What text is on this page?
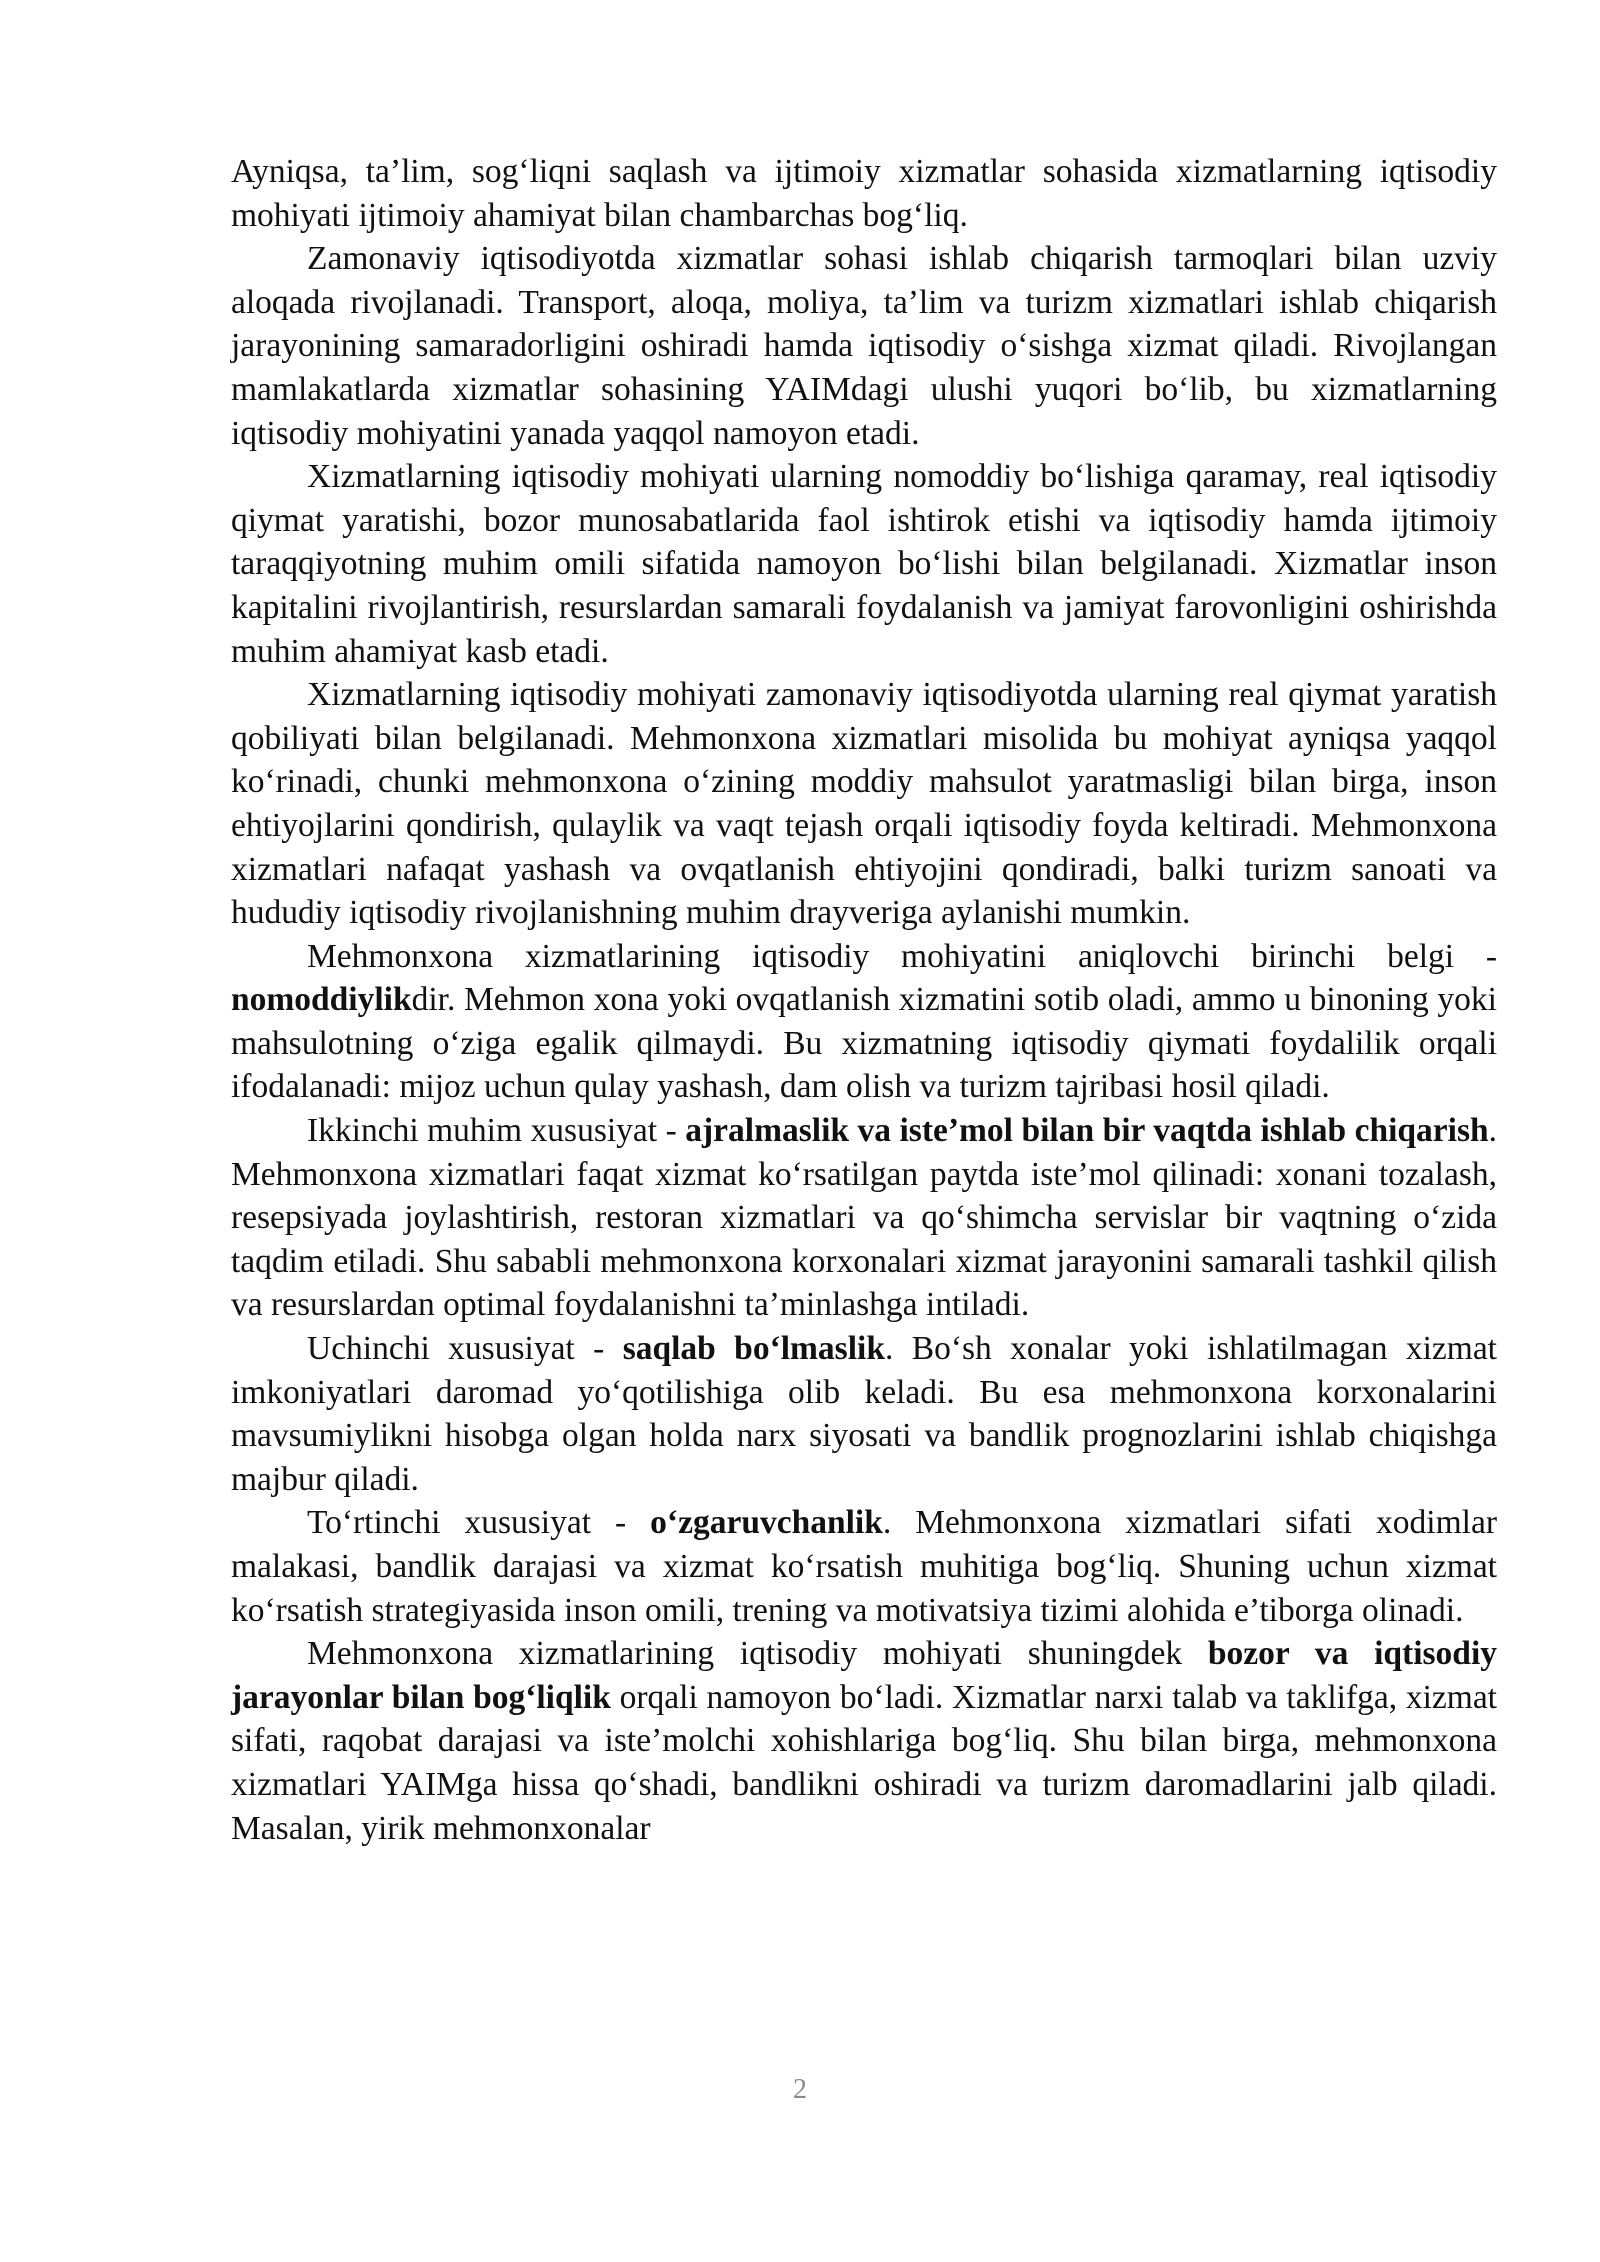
Ayniqsa, ta’lim, sog‘liqni saqlash va ijtimoiy xizmatlar sohasida xizmatlarning iqtisodiy mohiyati ijtimoiy ahamiyat bilan chambarchas bog‘liq.

Zamonaviy iqtisodiyotda xizmatlar sohasi ishlab chiqarish tarmoqlari bilan uzviy aloqada rivojlanadi. Transport, aloqa, moliya, ta’lim va turizm xizmatlari ishlab chiqarish jarayonining samaradorligini oshiradi hamda iqtisodiy o‘sishga xizmat qiladi. Rivojlangan mamlakatlarda xizmatlar sohasining YAIMdagi ulushi yuqori bo‘lib, bu xizmatlarning iqtisodiy mohiyatini yanada yaqqol namoyon etadi.

Xizmatlarning iqtisodiy mohiyati ularning nomoddiy bo‘lishiga qaramay, real iqtisodiy qiymat yaratishi, bozor munosabatlarida faol ishtirok etishi va iqtisodiy hamda ijtimoiy taraqqiyotning muhim omili sifatida namoyon bo‘lishi bilan belgilanadi. Xizmatlar inson kapitalini rivojlantirish, resurslardan samarali foydalanish va jamiyat farovonligini oshirishda muhim ahamiyat kasb etadi.

Xizmatlarning iqtisodiy mohiyati zamonaviy iqtisodiyotda ularning real qiymat yaratish qobiliyati bilan belgilanadi. Mehmonxona xizmatlari misolida bu mohiyat ayniqsa yaqqol ko‘rinadi, chunki mehmonxona o‘zining moddiy mahsulot yaratmasligi bilan birga, inson ehtiyojlarini qondirish, qulaylik va vaqt tejash orqali iqtisodiy foyda keltiradi. Mehmonxona xizmatlari nafaqat yashash va ovqatlanish ehtiyojini qondiradi, balki turizm sanoati va hududiy iqtisodiy rivojlanishning muhim drayveriga aylanishi mumkin.

Mehmonxona xizmatlarining iqtisodiy mohiyatini aniqlovchi birinchi belgi - nomoddiylikdir. Mehmon xona yoki ovqatlanish xizmatini sotib oladi, ammo u binoning yoki mahsulotning o‘ziga egalik qilmaydi. Bu xizmatning iqtisodiy qiymati foydalilik orqali ifodalanadi: mijoz uchun qulay yashash, dam olish va turizm tajribasi hosil qiladi.

Ikkinchi muhim xususiyat - ajralmaslik va iste’mol bilan bir vaqtda ishlab chiqarish. Mehmonxona xizmatlari faqat xizmat ko‘rsatilgan paytda iste’mol qilinadi: xonani tozalash, resepsiyada joylashtirish, restoran xizmatlari va qo‘shimcha servislar bir vaqtning o‘zida taqdim etiladi. Shu sababli mehmonxona korxonalari xizmat jarayonini samarali tashkil qilish va resurslardan optimal foydalanishni ta’minlashga intiladi.

Uchinchi xususiyat - saqlab bo‘lmaslik. Bo‘sh xonalar yoki ishlatilmagan xizmat imkoniyatlari daromad yo‘qotilishiga olib keladi. Bu esa mehmonxona korxonalarini mavsumiylikni hisobga olgan holda narx siyosati va bandlik prognozlarini ishlab chiqishga majbur qiladi.

To‘rtinchi xususiyat - o‘zgaruvchanlik. Mehmonxona xizmatlari sifati xodimlar malakasi, bandlik darajasi va xizmat ko‘rsatish muhitiga bog‘liq. Shuning uchun xizmat ko‘rsatish strategiyasida inson omili, trening va motivatsiya tizimi alohida e’tiborga olinadi.

Mehmonxona xizmatlarining iqtisodiy mohiyati shuningdek bozor va iqtisodiy jarayonlar bilan bog‘liqlik orqali namoyon bo‘ladi. Xizmatlar narxi talab va taklifga, xizmat sifati, raqobat darajasi va iste’molchi xohishlariga bog‘liq. Shu bilan birga, mehmonxona xizmatlari YAIMga hissa qo‘shadi, bandlikni oshiradi va turizm daromadlarini jalb qiladi. Masalan, yirik mehmonxonalar

2
